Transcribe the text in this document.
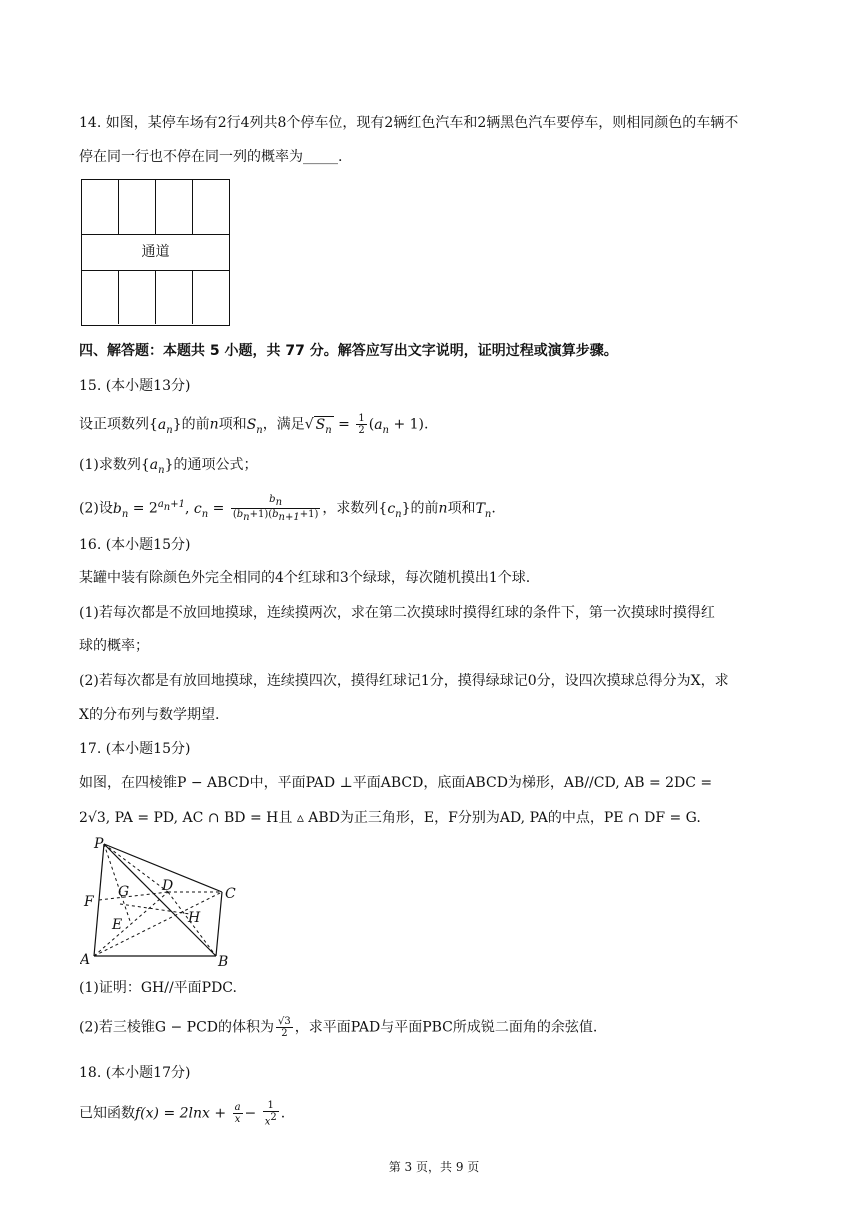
14. 如图，某停车场有2行4列共8个停车位，现有2辆红色汽车和2辆黑色汽车要停车，则相同颜色的车辆不
停在同一行也不停在同一列的概率为_____.
通道
四、解答题：本题共 5 小题，共 77 分。解答应写出文字说明，证明过程或演算步骤。
15. (本小题13分)
设正项数列$\{a_n\}$的前n项和$S_n$，满足√ $S_n = \frac{1}{2} (a_n + 1)$.
(1)求数列$\{a_n\}$的通项公式；
(2)设$b_n = 2^{a_n+1}$, $c_n = \frac{b_n}{(b_n+1)(b_{n+1}+1)}$ ，求数列$\{c_n\}$的前n项和$T_n$.
16. (本小题15分)
某罐中装有除颜色外完全相同的4个红球和3个绿球，每次随机摸出1个球.
(1)若每次都是不放回地摸球，连续摸两次，求在第二次摸球时摸得红球的条件下，第一次摸球时摸得红
球的概率；
(2)若每次都是有放回地摸球，连续摸四次，摸得红球记1分，摸得绿球记0分，设四次摸球总得分为X，求
X的分布列与数学期望.
17. (本小题15分)
如图，在四棱锥P − ABCD中，平面PAD ⊥平面ABCD，底面ABCD为梯形，AB//CD, AB = 2DC =
2√3, PA = PD, AC ∩ BD = H且 ▵ ABD为正三角形，E，F分别为AD, PA的中点，PE ∩ DF = G.
P
D	C
F
G
H
E
A	B
(1)证明：GH//平面PDC.
(2)若三棱锥G − PCD的体积为 $\frac{√3}{2}$ ，求平面PAD与平面PBC所成锐二面角的余弦值.
18. (本小题17分)
已知函数$f(x) = 2\ln x + \frac{a}{x} - \frac{1}{x^2}$ .
第 3 页，共 9 页
